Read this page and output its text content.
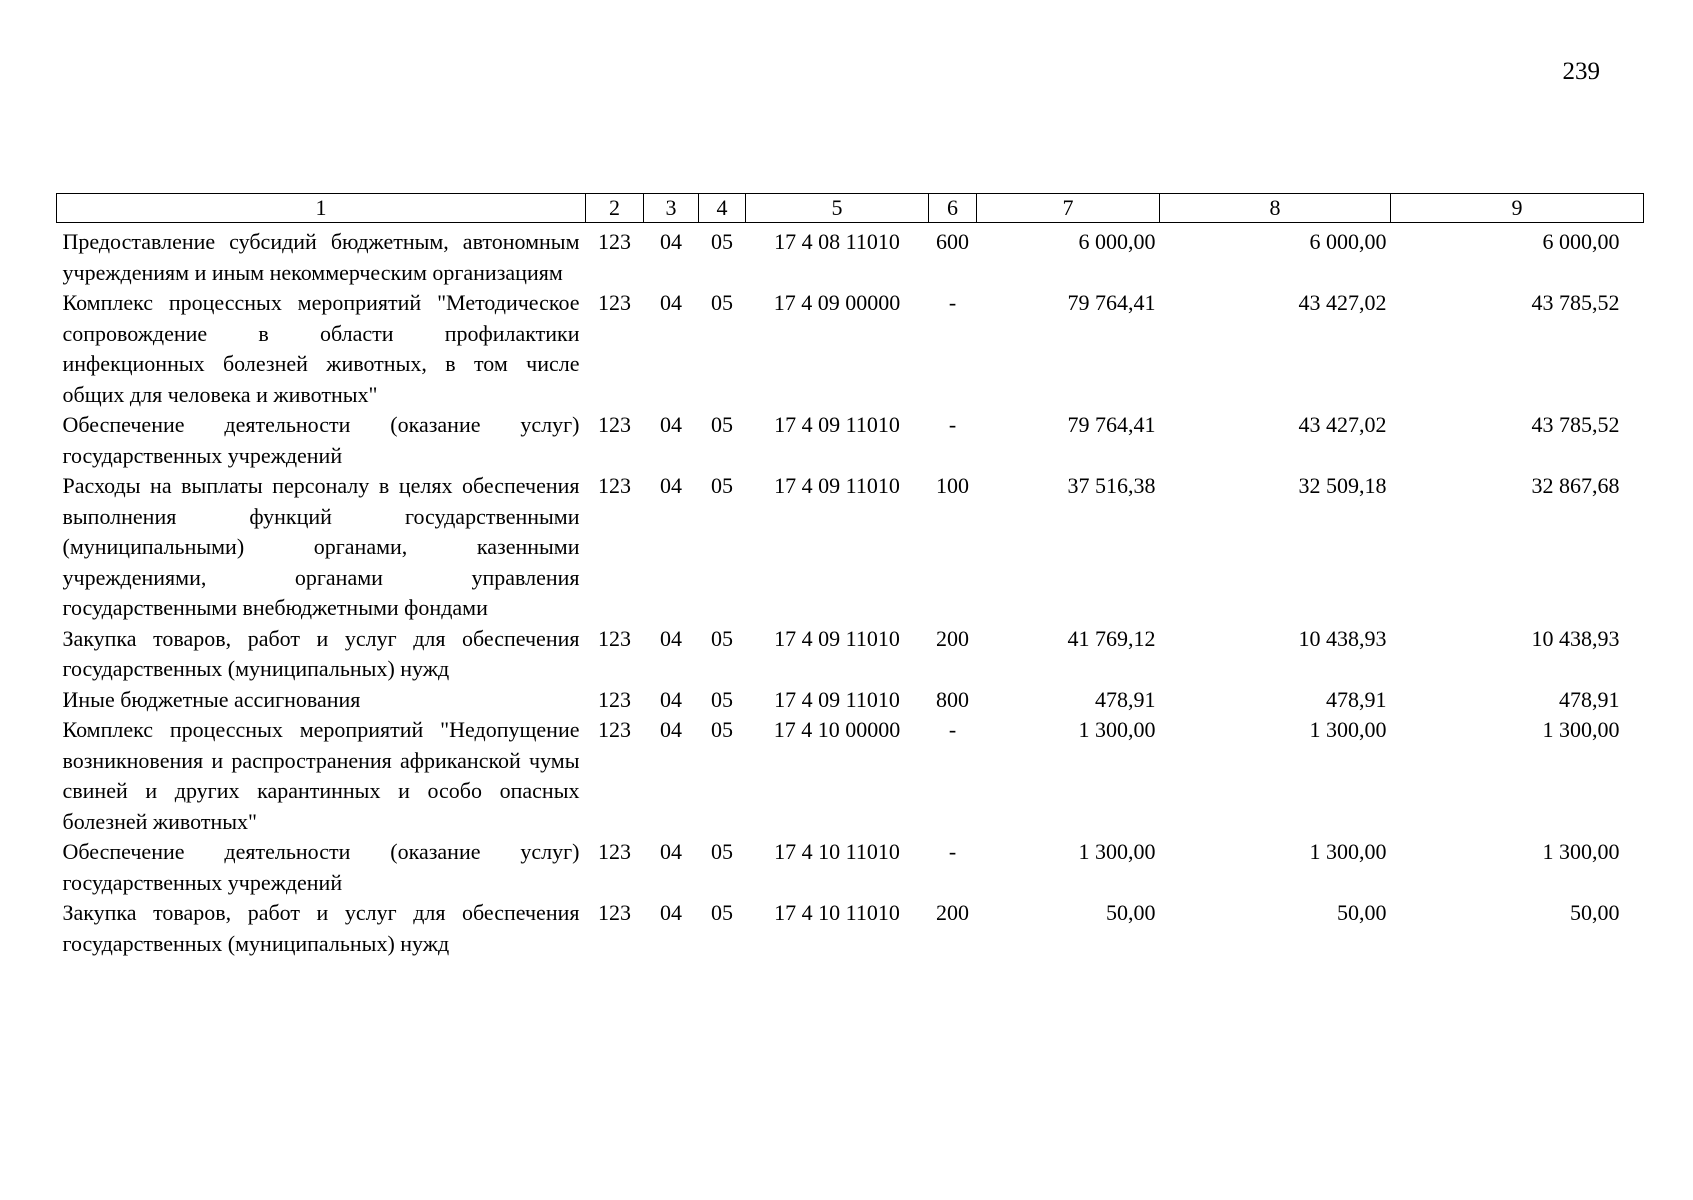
239
1	2	3	4	5	6	7	8	9
Предоставление субсидий бюджетным, автономным учреждениям и иным некоммерческим организациям	123	04	05	17 4 08 11010	600	6 000,00	6 000,00	6 000,00
Комплекс процессных мероприятий "Методическое сопровождение в области профилактики инфекционных болезней животных, в том числе общих для человека и животных"	123	04	05	17 4 09 00000	-	79 764,41	43 427,02	43 785,52
Обеспечение деятельности (оказание услуг) государственных учреждений	123	04	05	17 4 09 11010	-	79 764,41	43 427,02	43 785,52
Расходы на выплаты персоналу в целях обеспечения выполнения функций государственными (муниципальными) органами, казенными учреждениями, органами управления государственными внебюджетными фондами	123	04	05	17 4 09 11010	100	37 516,38	32 509,18	32 867,68
Закупка товаров, работ и услуг для обеспечения государственных (муниципальных) нужд	123	04	05	17 4 09 11010	200	41 769,12	10 438,93	10 438,93
Иные бюджетные ассигнования	123	04	05	17 4 09 11010	800	478,91	478,91	478,91
Комплекс процессных мероприятий "Недопущение возникновения и распространения африканской чумы свиней и других карантинных и особо опасных болезней животных"	123	04	05	17 4 10 00000	-	1 300,00	1 300,00	1 300,00
Обеспечение деятельности (оказание услуг) государственных учреждений	123	04	05	17 4 10 11010	-	1 300,00	1 300,00	1 300,00
Закупка товаров, работ и услуг для обеспечения государственных (муниципальных) нужд	123	04	05	17 4 10 11010	200	50,00	50,00	50,00
